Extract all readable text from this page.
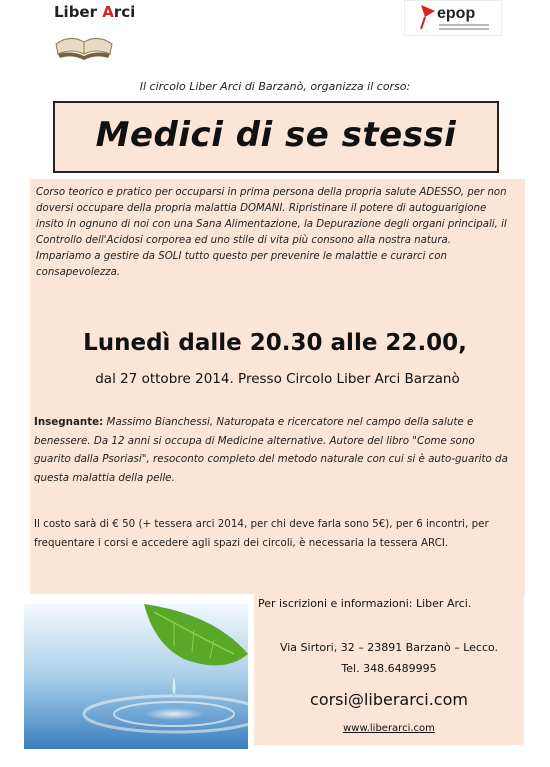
Liber Arci	epop
Il circolo Liber Arci di Barzanò, organizza il corso:
Medici di se stessi
Corso teorico e pratico per occuparsi in prima persona della propria salute ADESSO, per non doversi occupare della propria malattia DOMANI. Ripristinare il potere di autoguarigione insito in ognuno di noi con una Sana Alimentazione, la Depurazione degli organi principali, il Controllo dell'Acidosi corporea ed uno stile di vita più consono alla nostra natura. Impariamo a gestire da SOLI tutto questo per prevenire le malattie e curarci con consapevolezza.
Lunedì dalle 20.30 alle 22.00,
dal 27 ottobre 2014. Presso Circolo Liber Arci Barzanò
Insegnante: Massimo Bianchessi, Naturopata e ricercatore nel campo della salute e benessere. Da 12 anni si occupa di Medicine alternative. Autore del libro "Come sono guarito dalla Psoriasi", resoconto completo del metodo naturale con cui si è auto-guarito da questa malattia della pelle.
Il costo sarà di € 50 (+ tessera arci 2014, per chi deve farla sono 5€), per 6 incontri, per frequentare i corsi e accedere agli spazi dei circoli, è necessaria la tessera ARCI.
Per iscrizioni e informazioni: Liber Arci.
Via Sirtori, 32 – 23891 Barzanò – Lecco.
Tel. 348.6489995
corsi@liberarci.com
www.liberarci.com
